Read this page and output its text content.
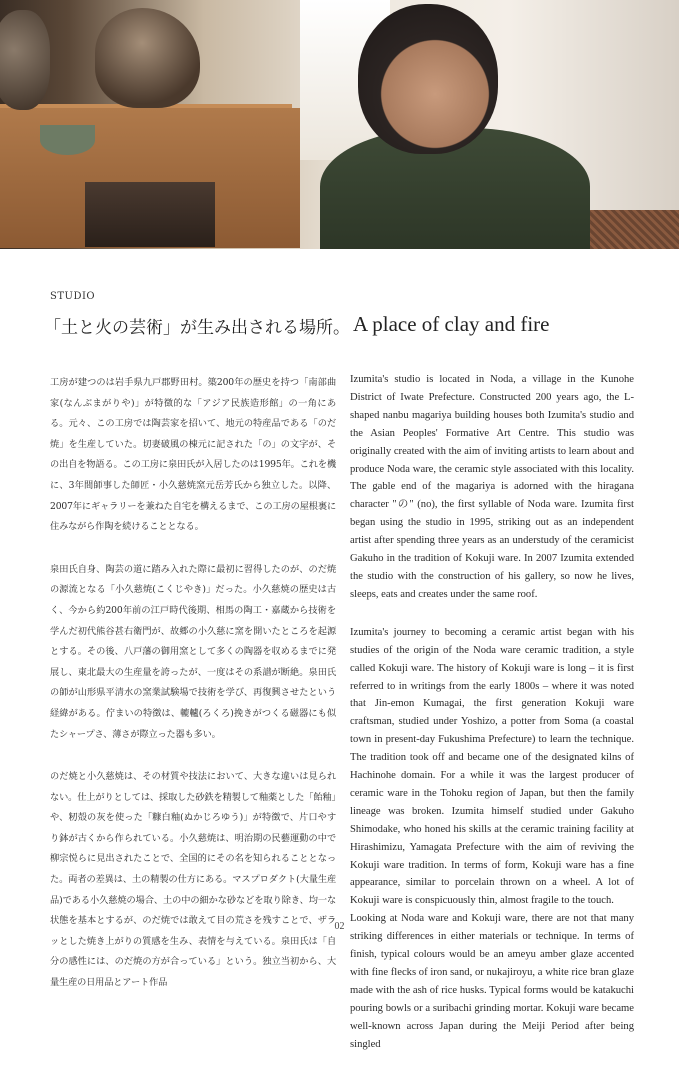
STUDIO
「土と火の芸術」が生み出される場所。 A place of clay and fire

工房が建つのは岩手県九戸郡野田村。築200年の歴史を持つ「南部曲家(なんぶまがりや)」が特徴的な「アジア民族造形館」の一角にある。元々、この工房では陶芸家を招いて、地元の特産品である「のだ焼」を生産していた。切妻破風の棟元に記された「の」の文字が、その出自を物語る。この工房に泉田氏が入居したのは1995年。これを機に、3年間師事した師匠・小久慈焼窯元岳芳氏から独立した。以降、2007年にギャラリーを兼ねた自宅を構えるまで、この工房の屋根裏に住みながら作陶を続けることとなる。

泉田氏自身、陶芸の道に踏み入れた際に最初に習得したのが、のだ焼の源流となる「小久慈焼(こくじやき)」だった。小久慈焼の歴史は古く、今から約200年前の江戸時代後期、相馬の陶工・嘉蔵から技術を学んだ初代熊谷甚右衛門が、故郷の小久慈に窯を開いたところを起源とする。その後、八戸藩の御用窯として多くの陶器を収めるまでに発展し、東北最大の生産量を誇ったが、一度はその系譜が断絶。泉田氏の師が山形県平清水の窯業試験場で技術を学び、再復興させたという経緯がある。佇まいの特徴は、轆轤(ろくろ)挽きがつくる磁器にも似たシャープさ、薄さが際立った器も多い。

のだ焼と小久慈焼は、その材質や技法において、大きな違いは見られない。仕上がりとしては、採取した砂鉄を精製して釉薬とした「飴釉」や、籾殻の灰を使った「糠白釉(ぬかじろゆう)」が特徴で、片口やすり鉢が古くから作られている。小久慈焼は、明治期の民藝運動の中で柳宗悦らに見出されたことで、全国的にその名を知られることとなった。両者の差異は、土の精製の仕方にある。マスプロダクト(大量生産品)である小久慈焼の場合、土の中の細かな砂などを取り除き、均一な状態を基本とするが、のだ焼では敢えて目の荒さを残すことで、ザラッとした焼き上がりの質感を生み、表情を与えている。泉田氏は「自分の感性には、のだ焼の方が合っている」という。独立当初から、大量生産の日用品とアート作品

Izumita's studio is located in Noda, a village in the Kunohe District of Iwate Prefecture. Constructed 200 years ago, the L-shaped nanbu magariya building houses both Izumita's studio and the Asian Peoples' Formative Art Centre. This studio was originally created with the aim of inviting artists to learn about and produce Noda ware, the ceramic style associated with this locality. The gable end of the magariya is adorned with the hiragana character "の" (no), the first syllable of Noda ware. Izumita first began using the studio in 1995, striking out as an independent artist after spending three years as an understudy of the ceramicist Gakuho in the tradition of Kokuji ware. In 2007 Izumita extended the studio with the construction of his gallery, so now he lives, sleeps, eats and creates under the same roof.

Izumita's journey to becoming a ceramic artist began with his studies of the origin of the Noda ware ceramic tradition, a style called Kokuji ware. The history of Kokuji ware is long – it is first referred to in writings from the early 1800s – where it was noted that Jin-emon Kumagai, the first generation Kokuji ware craftsman, studied under Yoshizo, a potter from Soma (a coastal town in present-day Fukushima Prefecture) to learn the technique. The tradition took off and became one of the designated kilns of Hachinohe domain. For a while it was the largest producer of ceramic ware in the Tohoku region of Japan, but then the family lineage was broken. Izumita himself studied under Gakuho Shimodake, who honed his skills at the ceramic training facility at Hirashimizu, Yamagata Prefecture with the aim of reviving the Kokuji ware tradition. In terms of form, Kokuji ware has a fine appearance, similar to porcelain thrown on a wheel. A lot of Kokuji ware is conspicuously thin, almost fragile to the touch.

Looking at Noda ware and Kokuji ware, there are not that many striking differences in either materials or technique. In terms of finish, typical colours would be an ameyu amber glaze accented with fine flecks of iron sand, or nukajiroyu, a white rice bran glaze made with the ash of rice husks. Typical forms would be katakuchi pouring bowls or a suribachi grinding mortar. Kokuji ware became well-known across Japan during the Meiji Period after being singled

02
